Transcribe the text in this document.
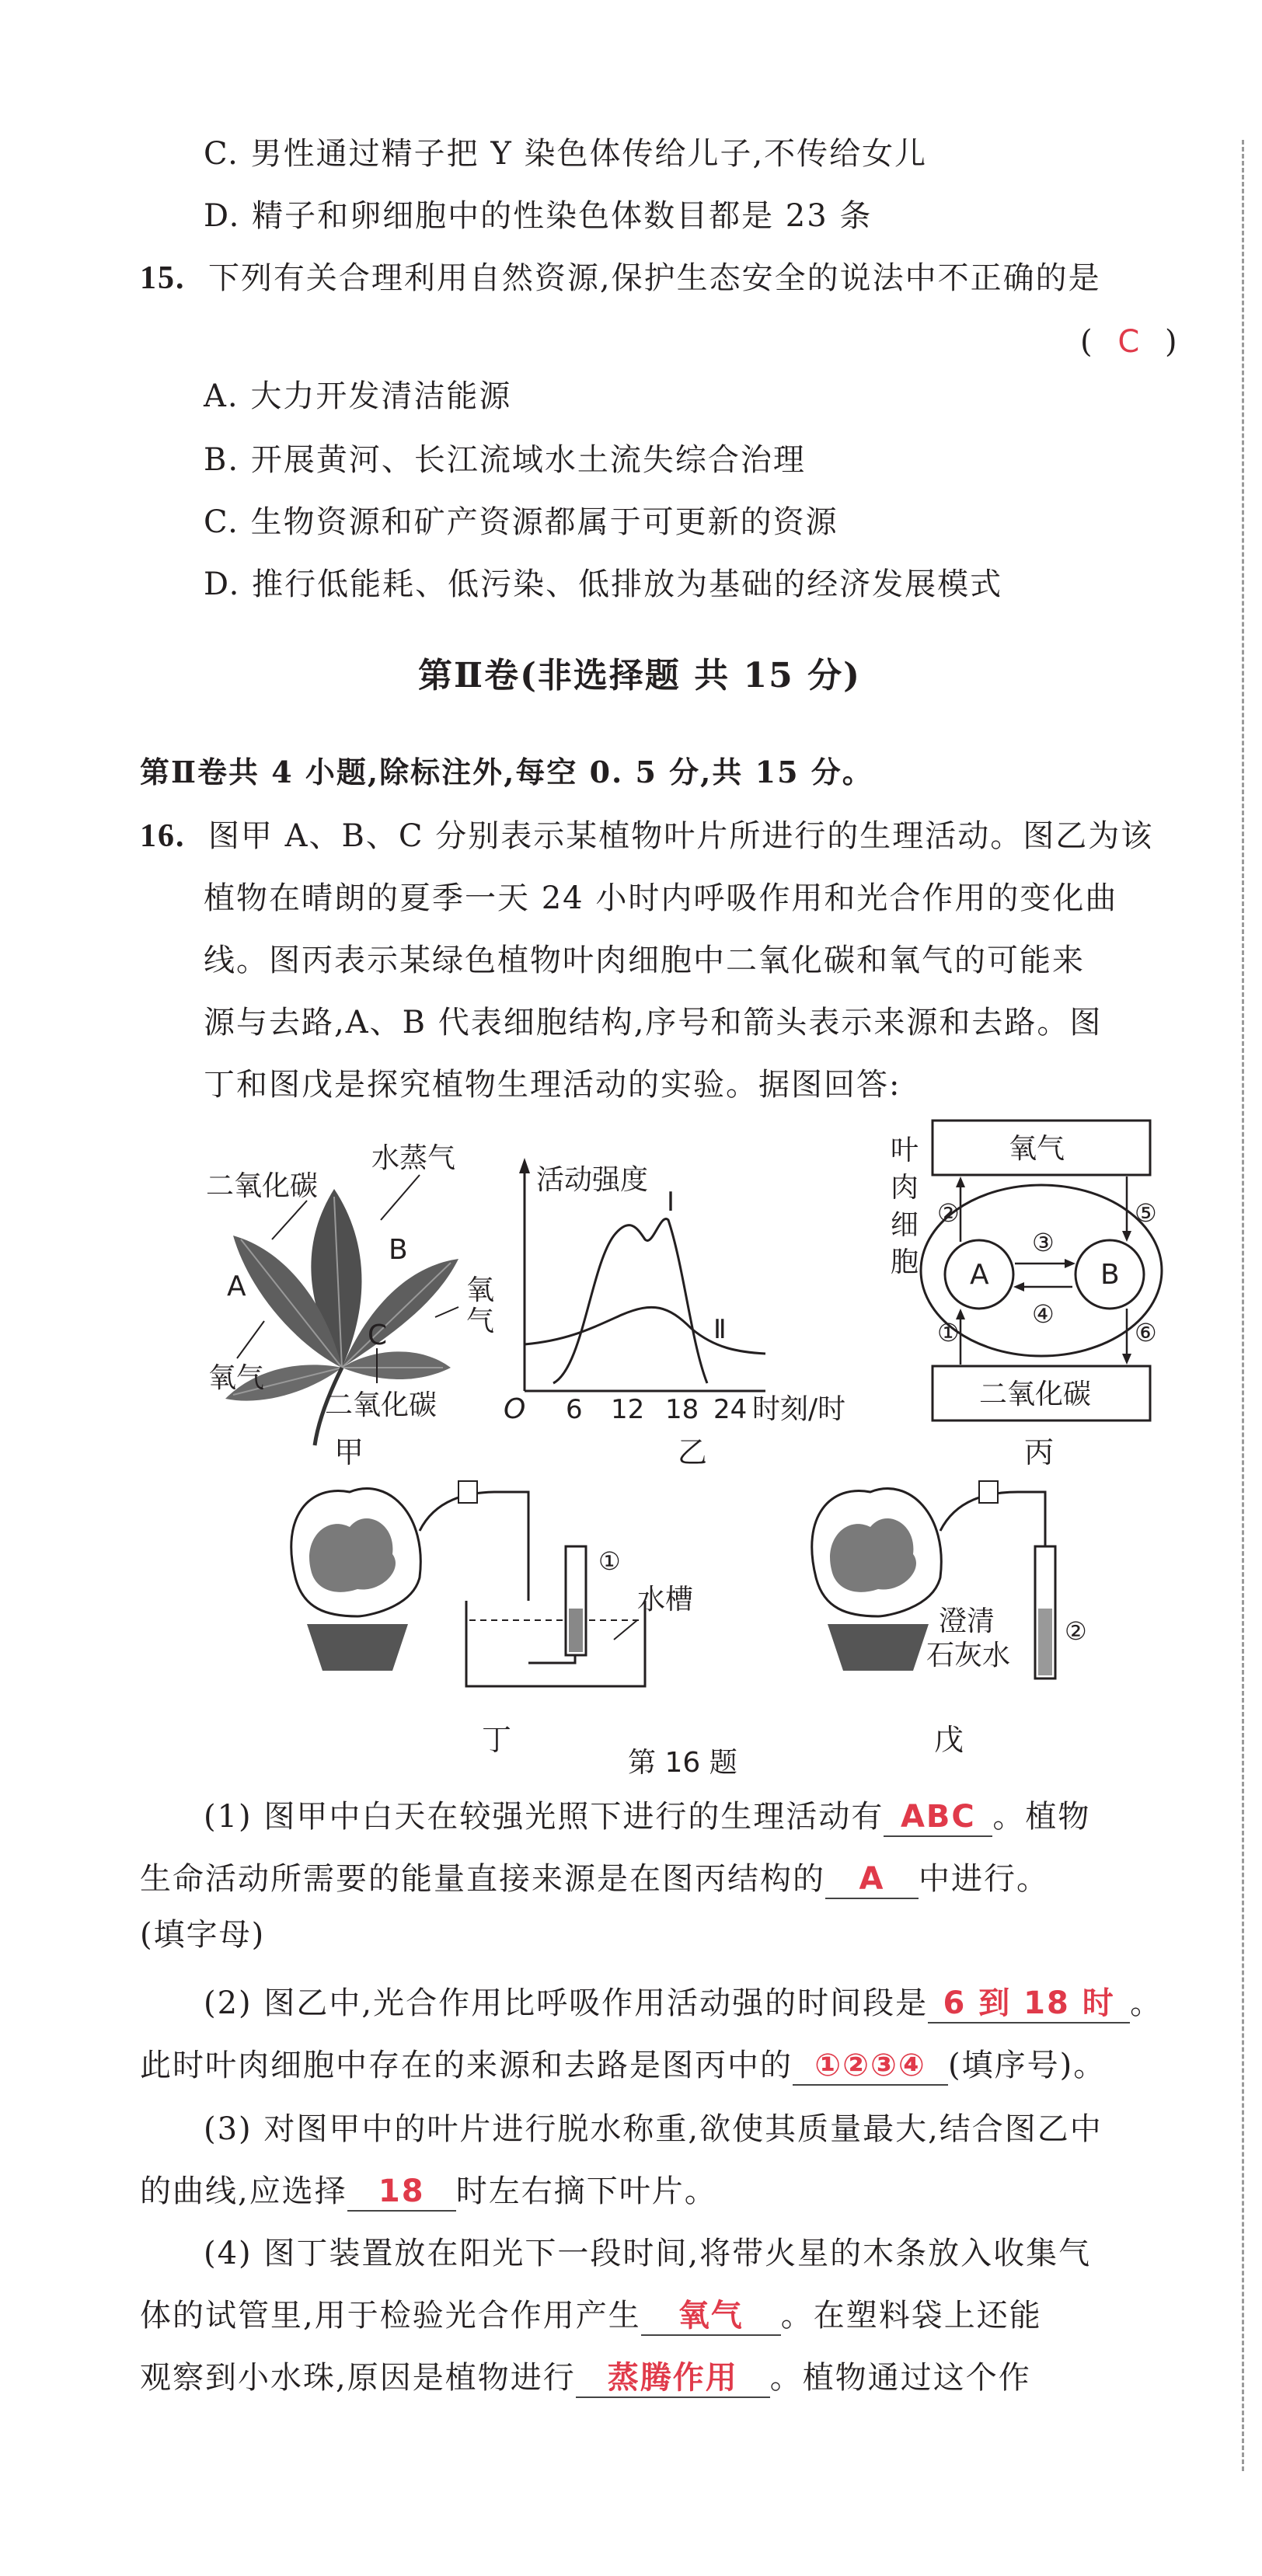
C. 男性通过精子把 Y 染色体传给儿子,不传给女儿
D. 精子和卵细胞中的性染色体数目都是 23 条
15. 下列有关合理利用自然资源,保护生态安全的说法中不正确的是
( C )
A. 大力开发清洁能源
B. 开展黄河、长江流域水土流失综合治理
C. 生物资源和矿产资源都属于可更新的资源
D. 推行低能耗、低污染、低排放为基础的经济发展模式
第Ⅱ卷(非选择题 共 15 分)
第Ⅱ卷共 4 小题,除标注外,每空 0. 5 分,共 15 分。
16. 图甲 A、B、C 分别表示某植物叶片所进行的生理活动。图乙为该
植物在晴朗的夏季一天 24 小时内呼吸作用和光合作用的变化曲
线。图丙表示某绿色植物叶肉细胞中二氧化碳和氧气的可能来
源与去路,A、B 代表细胞结构,序号和箭头表示来源和去路。图
丁和图戊是探究植物生理活动的实验。据图回答:
二氧化碳
水蒸气
B
A
C
氧气
氧
气
二氧化碳
甲
活动强度
O 6 12 18 24 时刻/时
Ⅰ
Ⅱ
乙
氧气
二氧化碳
A	B
叶
肉
细
胞
③
④
②	⑤
①	⑥
丙
①
水槽
丁
②
澄清
石灰水
戊
第 16 题
(1) 图甲中白天在较强光照下进行的生理活动有 ABC 。植物
生命活动所需要的能量直接来源是在图丙结构的 A 中进行。
(填字母)
(2) 图乙中,光合作用比呼吸作用活动强的时间段是 6 到 18 时 。
此时叶肉细胞中存在的来源和去路是图丙中的 ①②③④ (填序号)。
(3) 对图甲中的叶片进行脱水称重,欲使其质量最大,结合图乙中
的曲线,应选择 18 时左右摘下叶片。
(4) 图丁装置放在阳光下一段时间,将带火星的木条放入收集气
体的试管里,用于检验光合作用产生 氧气 。在塑料袋上还能
观察到小水珠,原因是植物进行 蒸腾作用 。植物通过这个作
